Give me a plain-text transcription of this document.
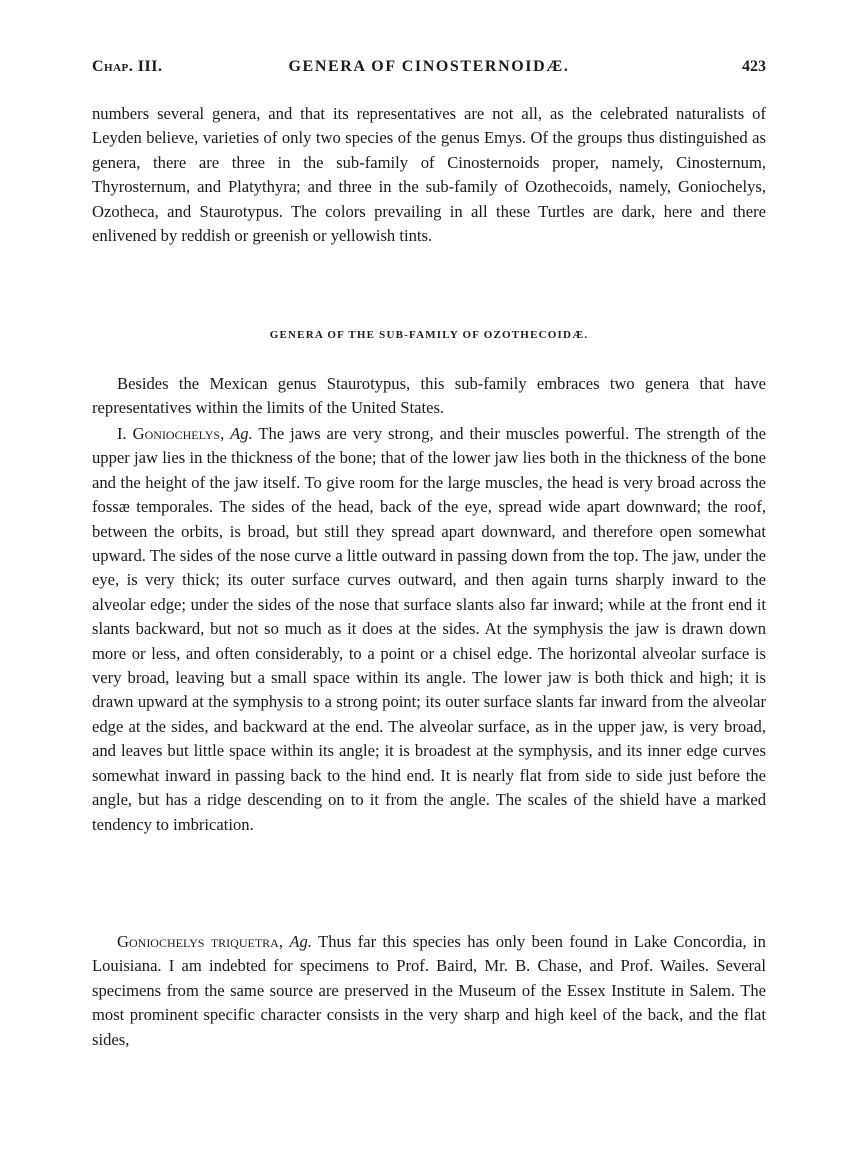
Chap. III.	GENERA OF CINOSTERNOIDÆ.	423

numbers several genera, and that its representatives are not all, as the celebrated naturalists of Leyden believe, varieties of only two species of the genus Emys. Of the groups thus distinguished as genera, there are three in the sub-family of Cinosternoids proper, namely, Cinosternum, Thyrosternum, and Platythyra; and three in the sub-family of Ozothecoids, namely, Goniochelys, Ozotheca, and Staurotypus. The colors prevailing in all these Turtles are dark, here and there enlivened by reddish or greenish or yellowish tints.

GENERA OF THE SUB-FAMILY OF OZOTHECOIDÆ.

Besides the Mexican genus Staurotypus, this sub-family embraces two genera that have representatives within the limits of the United States.

I. Goniochelys, Ag. The jaws are very strong, and their muscles powerful. The strength of the upper jaw lies in the thickness of the bone; that of the lower jaw lies both in the thickness of the bone and the height of the jaw itself. To give room for the large muscles, the head is very broad across the fossæ temporales. The sides of the head, back of the eye, spread wide apart downward; the roof, between the orbits, is broad, but still they spread apart downward, and therefore open somewhat upward. The sides of the nose curve a little outward in passing down from the top. The jaw, under the eye, is very thick; its outer surface curves outward, and then again turns sharply inward to the alveolar edge; under the sides of the nose that surface slants also far inward; while at the front end it slants backward, but not so much as it does at the sides. At the symphysis the jaw is drawn down more or less, and often considerably, to a point or a chisel edge. The horizontal alveolar surface is very broad, leaving but a small space within its angle. The lower jaw is both thick and high; it is drawn upward at the symphysis to a strong point; its outer surface slants far inward from the alveolar edge at the sides, and backward at the end. The alveolar surface, as in the upper jaw, is very broad, and leaves but little space within its angle; it is broadest at the symphysis, and its inner edge curves somewhat inward in passing back to the hind end. It is nearly flat from side to side just before the angle, but has a ridge descending on to it from the angle. The scales of the shield have a marked tendency to imbrication.

Goniochelys triquetra, Ag. Thus far this species has only been found in Lake Concordia, in Louisiana. I am indebted for specimens to Prof. Baird, Mr. B. Chase, and Prof. Wailes. Several specimens from the same source are preserved in the Museum of the Essex Institute in Salem. The most prominent specific character consists in the very sharp and high keel of the back, and the flat sides,
